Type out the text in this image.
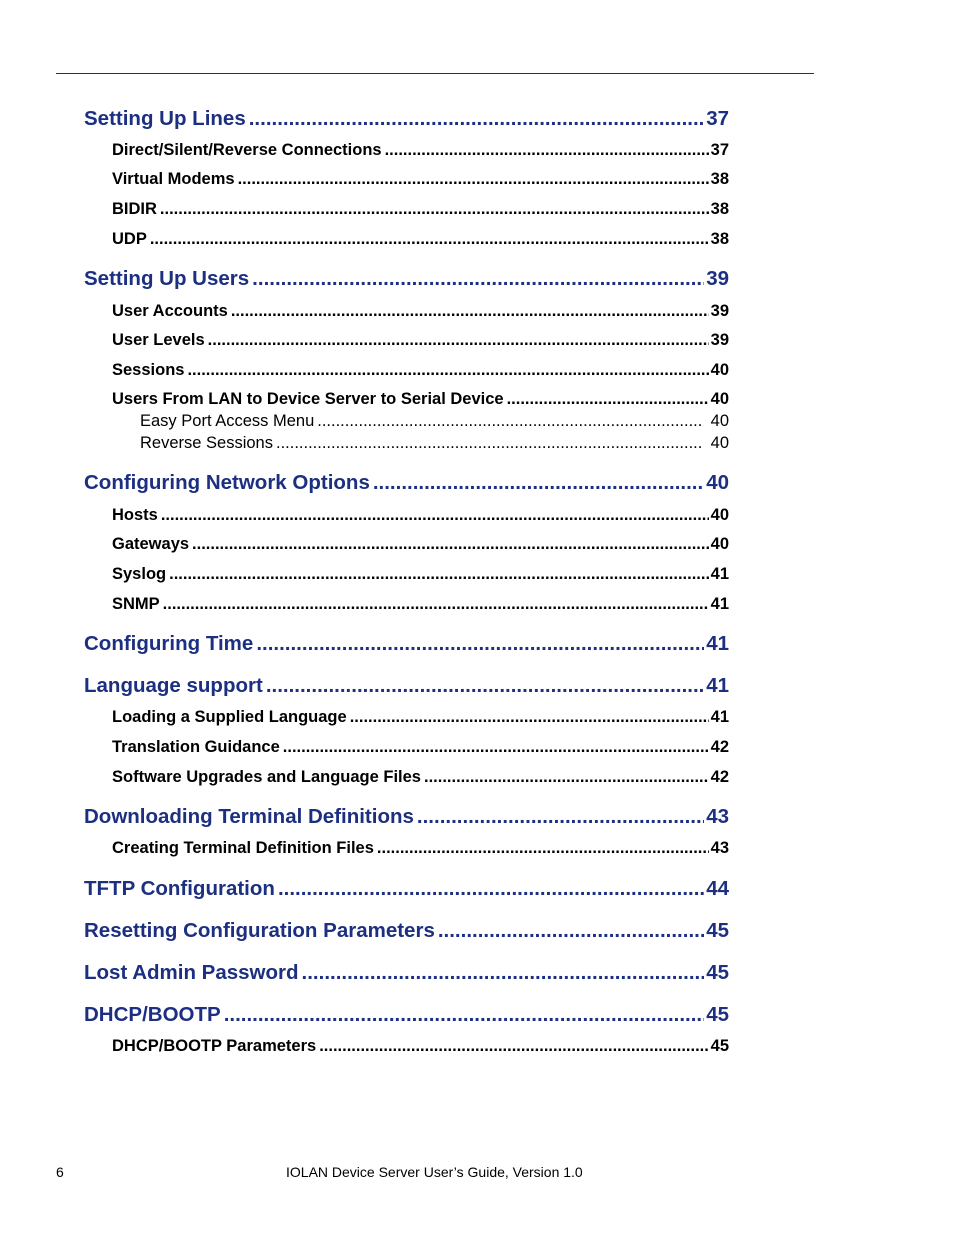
Setting Up Lines .....	37
Direct/Silent/Reverse Connections .....	37
Virtual Modems .....	38
BIDIR .....	38
UDP .....	38
Setting Up Users .....	39
User Accounts .....	39
User Levels .....	39
Sessions .....	40
Users From LAN to Device Server to Serial Device .....	40
Easy Port Access Menu .....	40
Reverse Sessions .....	40
Configuring Network Options .....	40
Hosts .....	40
Gateways .....	40
Syslog .....	41
SNMP .....	41
Configuring Time .....	41
Language support .....	41
Loading a Supplied Language .....	41
Translation Guidance .....	42
Software Upgrades and Language Files .....	42
Downloading Terminal Definitions .....	43
Creating Terminal Definition Files .....	43
TFTP Configuration .....	44
Resetting Configuration Parameters .....	45
Lost Admin Password .....	45
DHCP/BOOTP .....	45
DHCP/BOOTP Parameters .....	45
6	IOLAN Device Server User’s Guide, Version 1.0
